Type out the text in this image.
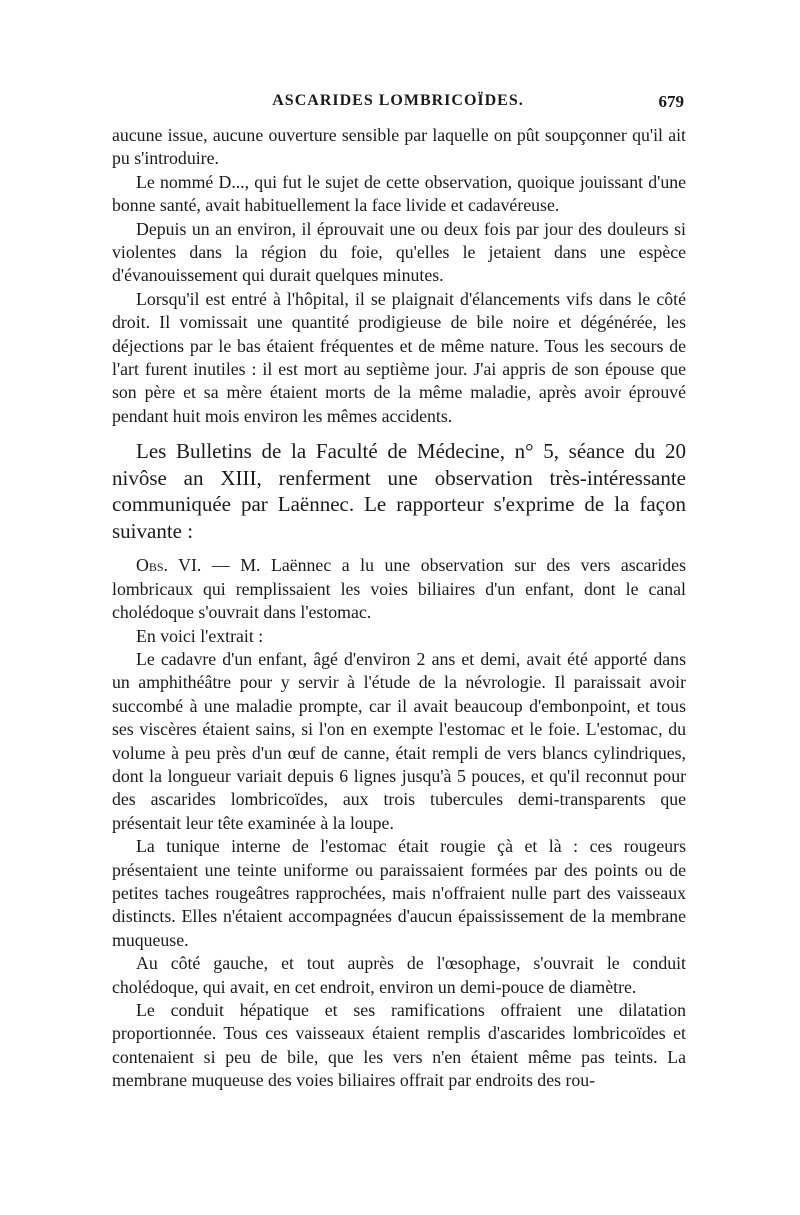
ASCARIDES LOMBRICOÏDES.	679

aucune issue, aucune ouverture sensible par laquelle on pût soupçonner qu'il ait pu s'introduire.

Le nommé D..., qui fut le sujet de cette observation, quoique jouissant d'une bonne santé, avait habituellement la face livide et cadavéreuse.

Depuis un an environ, il éprouvait une ou deux fois par jour des douleurs si violentes dans la région du foie, qu'elles le jetaient dans une espèce d'évanouissement qui durait quelques minutes.

Lorsqu'il est entré à l'hôpital, il se plaignait d'élancements vifs dans le côté droit. Il vomissait une quantité prodigieuse de bile noire et dégénérée, les déjections par le bas étaient fréquentes et de même nature. Tous les secours de l'art furent inutiles : il est mort au septième jour. J'ai appris de son épouse que son père et sa mère étaient morts de la même maladie, après avoir éprouvé pendant huit mois environ les mêmes accidents.

Les Bulletins de la Faculté de Médecine, n° 5, séance du 20 nivôse an XIII, renferment une observation très-intéressante communiquée par Laënnec. Le rapporteur s'exprime de la façon suivante :

Obs. VI. — M. Laënnec a lu une observation sur des vers ascarides lombricaux qui remplissaient les voies biliaires d'un enfant, dont le canal cholédoque s'ouvrait dans l'estomac.

En voici l'extrait :

Le cadavre d'un enfant, âgé d'environ 2 ans et demi, avait été apporté dans un amphithéâtre pour y servir à l'étude de la névrologie. Il paraissait avoir succombé à une maladie prompte, car il avait beaucoup d'embonpoint, et tous ses viscères étaient sains, si l'on en exempte l'estomac et le foie. L'estomac, du volume à peu près d'un œuf de canne, était rempli de vers blancs cylindriques, dont la longueur variait depuis 6 lignes jusqu'à 5 pouces, et qu'il reconnut pour des ascarides lombricoïdes, aux trois tubercules demi-transparents que présentait leur tête examinée à la loupe.

La tunique interne de l'estomac était rougie çà et là : ces rougeurs présentaient une teinte uniforme ou paraissaient formées par des points ou de petites taches rougeâtres rapprochées, mais n'offraient nulle part des vaisseaux distincts. Elles n'étaient accompagnées d'aucun épaississement de la membrane muqueuse.

Au côté gauche, et tout auprès de l'œsophage, s'ouvrait le conduit cholédoque, qui avait, en cet endroit, environ un demi-pouce de diamètre.

Le conduit hépatique et ses ramifications offraient une dilatation proportionnée. Tous ces vaisseaux étaient remplis d'ascarides lombricoïdes et contenaient si peu de bile, que les vers n'en étaient même pas teints. La membrane muqueuse des voies biliaires offrait par endroits des rou-
